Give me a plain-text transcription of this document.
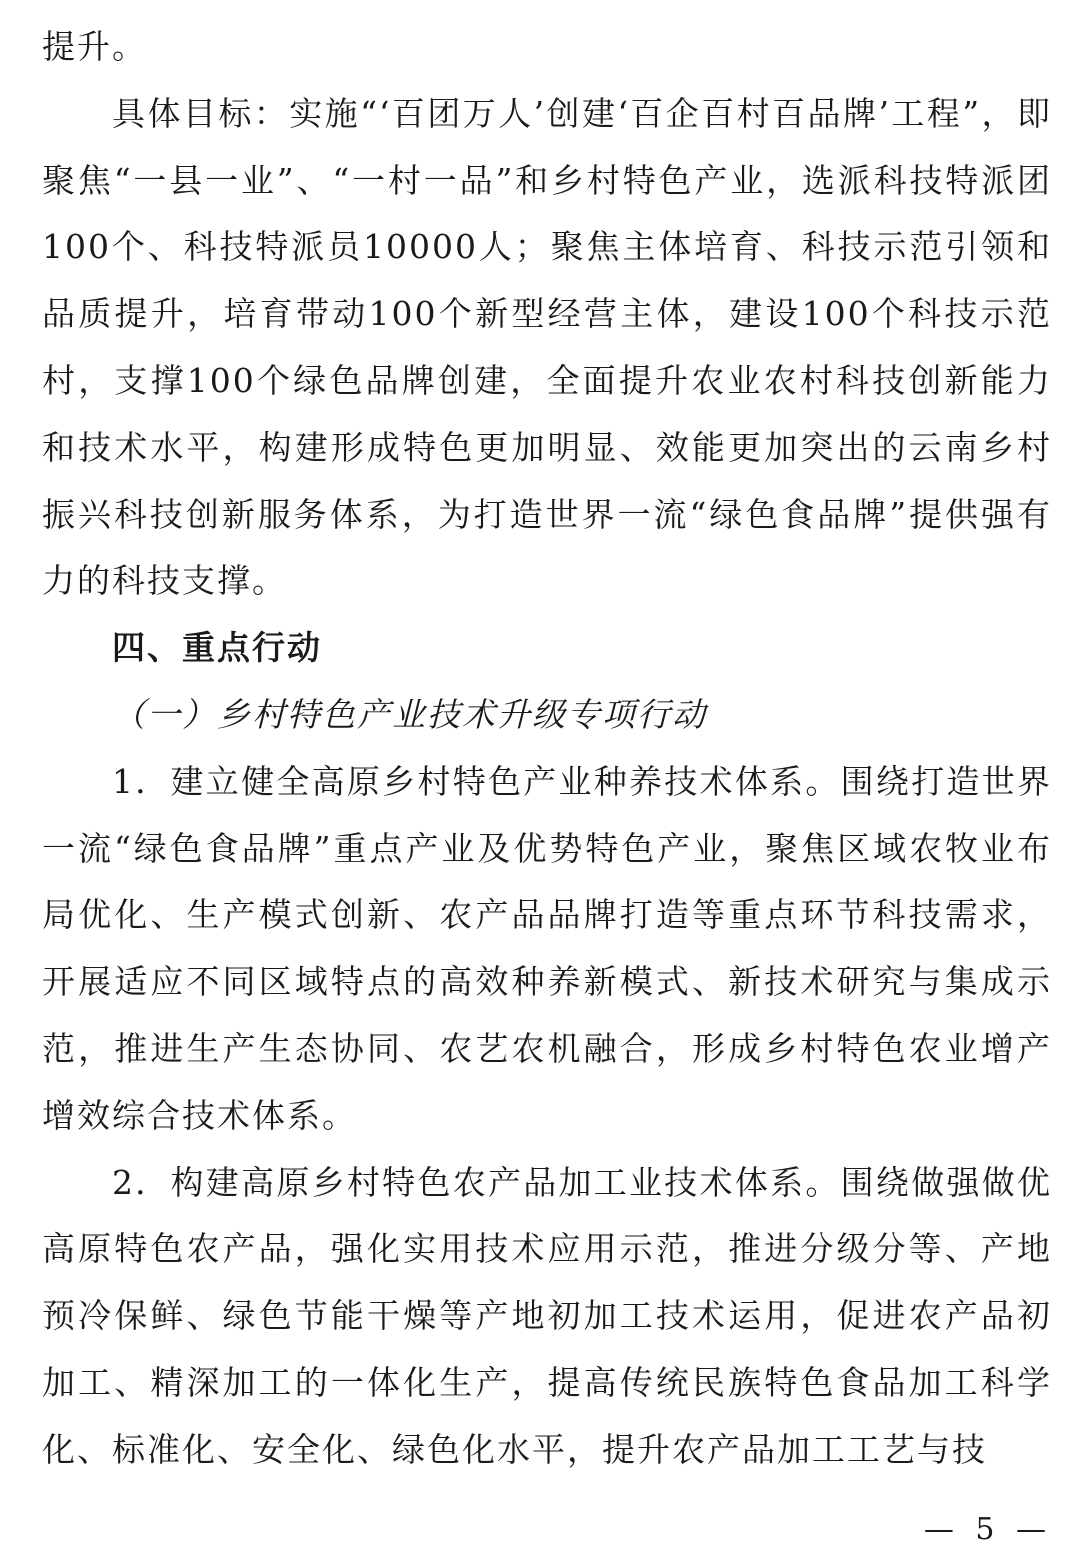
提升。

具体目标：实施“‘百团万人’创建‘百企百村百品牌’工程”，即聚焦“一县一业”、“一村一品”和乡村特色产业，选派科技特派团100个、科技特派员10000人；聚焦主体培育、科技示范引领和品质提升，培育带动100个新型经营主体，建设100个科技示范村，支撑100个绿色品牌创建，全面提升农业农村科技创新能力和技术水平，构建形成特色更加明显、效能更加突出的云南乡村振兴科技创新服务体系，为打造世界一流“绿色食品牌”提供强有力的科技支撑。

四、重点行动

（一）乡村特色产业技术升级专项行动

1．建立健全高原乡村特色产业种养技术体系。围绕打造世界一流“绿色食品牌”重点产业及优势特色产业，聚焦区域农牧业布局优化、生产模式创新、农产品品牌打造等重点环节科技需求，开展适应不同区域特点的高效种养新模式、新技术研究与集成示范，推进生产生态协同、农艺农机融合，形成乡村特色农业增产增效综合技术体系。

2．构建高原乡村特色农产品加工业技术体系。围绕做强做优高原特色农产品，强化实用技术应用示范，推进分级分等、产地预冷保鲜、绿色节能干燥等产地初加工技术运用，促进农产品初加工、精深加工的一体化生产，提高传统民族特色食品加工科学化、标准化、安全化、绿色化水平，提升农产品加工工艺与技

— 5 —
